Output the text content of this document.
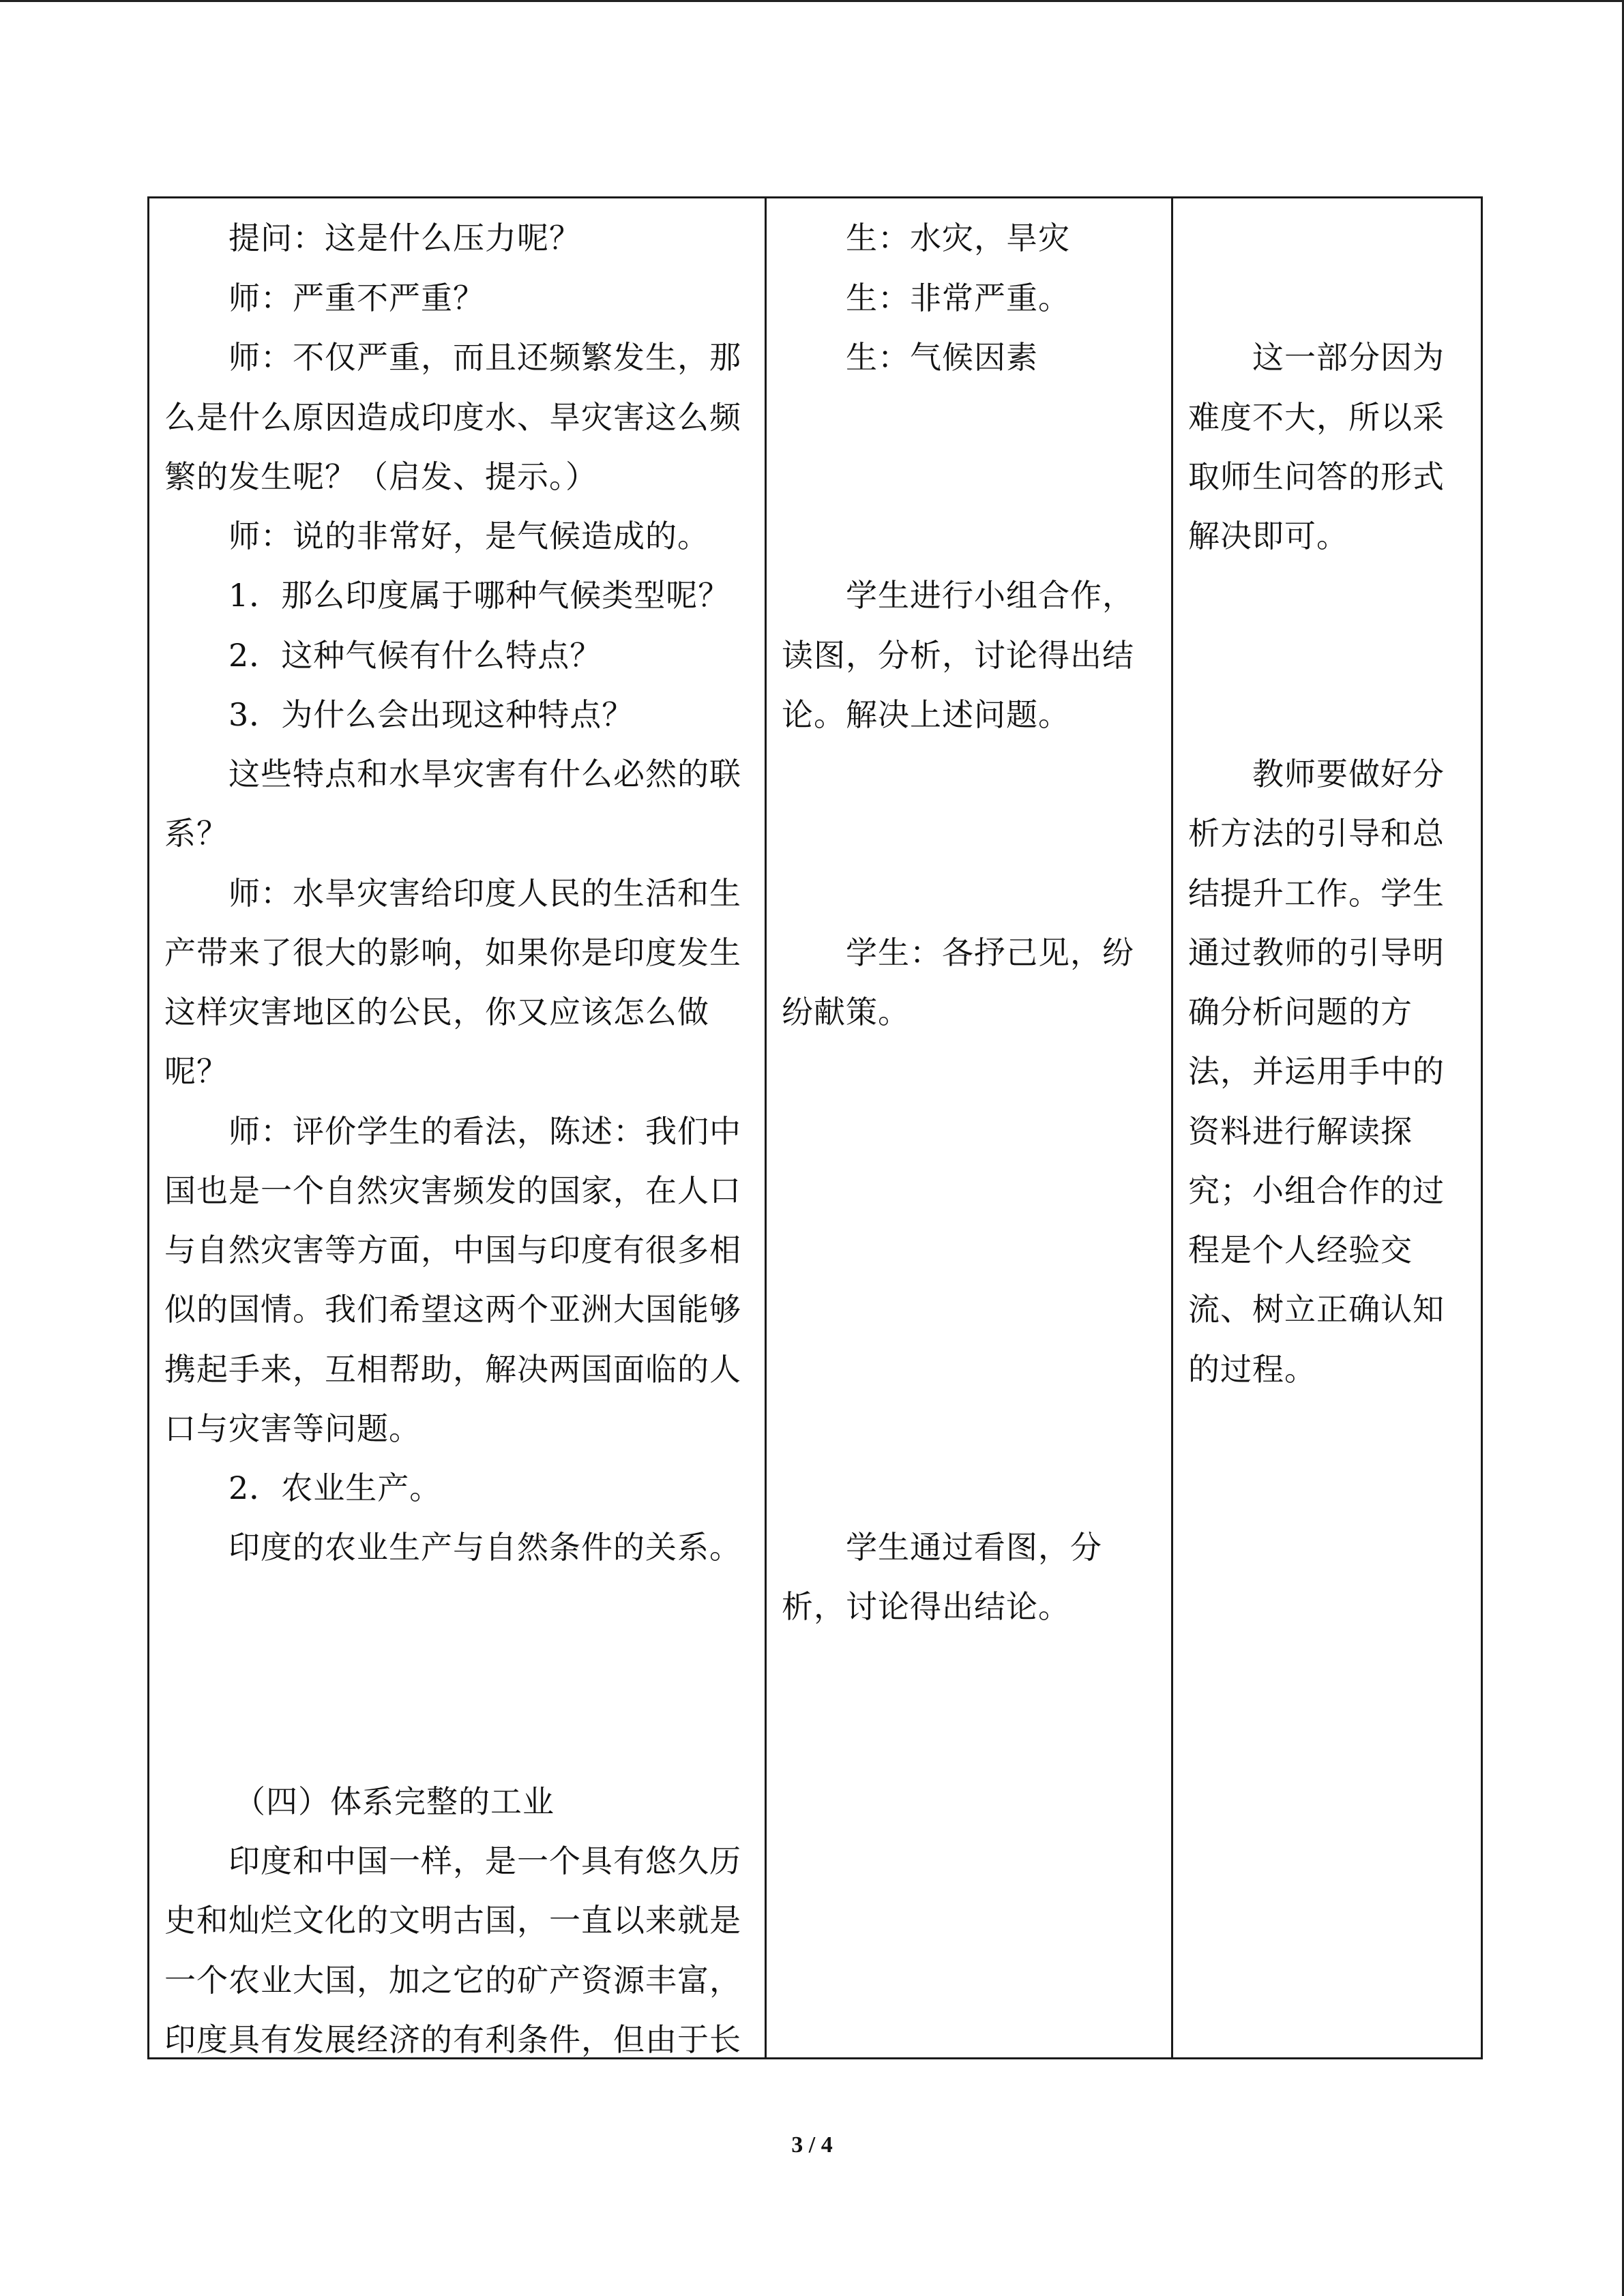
提问：这是什么压力呢？
师：严重不严重？
师：不仅严重，而且还频繁发生，那
么是什么原因造成印度水、旱灾害这么频
繁的发生呢？（启发、提示。）
师：说的非常好，是气候造成的。
1．那么印度属于哪种气候类型呢？
2．这种气候有什么特点？
3．为什么会出现这种特点？
这些特点和水旱灾害有什么必然的联
系？
师：水旱灾害给印度人民的生活和生
产带来了很大的影响，如果你是印度发生
这样灾害地区的公民，你又应该怎么做
呢？
师：评价学生的看法，陈述：我们中
国也是一个自然灾害频发的国家，在人口
与自然灾害等方面，中国与印度有很多相
似的国情。我们希望这两个亚洲大国能够
携起手来，互相帮助，解决两国面临的人
口与灾害等问题。
2．农业生产。
印度的农业生产与自然条件的关系。
（四）体系完整的工业
印度和中国一样，是一个具有悠久历
史和灿烂文化的文明古国，一直以来就是
一个农业大国，加之它的矿产资源丰富，
印度具有发展经济的有利条件，但由于长
生：水灾，旱灾
生：非常严重。
生：气候因素
学生进行小组合作，
读图，分析，讨论得出结
论。解决上述问题。
学生：各抒己见，纷
纷献策。
学生通过看图，分
析，讨论得出结论。
这一部分因为
难度不大，所以采
取师生问答的形式
解决即可。
教师要做好分
析方法的引导和总
结提升工作。学生
通过教师的引导明
确分析问题的方
法，并运用手中的
资料进行解读探
究；小组合作的过
程是个人经验交
流、树立正确认知
的过程。
3 / 4
